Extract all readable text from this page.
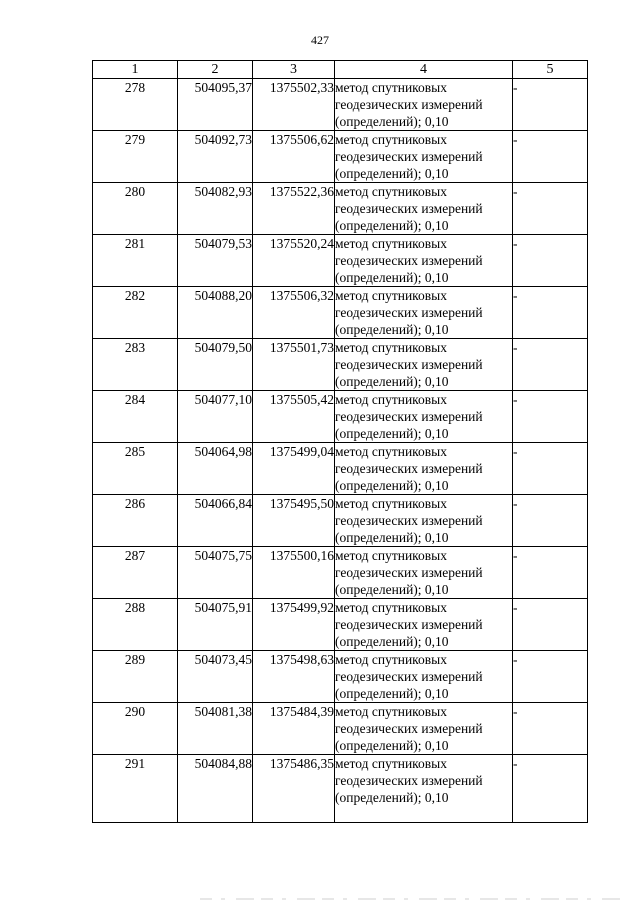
427
1	2	3	4	5
278	504095,37	1375502,33	метод спутниковых
геодезических измерений
(определений); 0,10	-
279	504092,73	1375506,62	метод спутниковых
геодезических измерений
(определений); 0,10	-
280	504082,93	1375522,36	метод спутниковых
геодезических измерений
(определений); 0,10	-
281	504079,53	1375520,24	метод спутниковых
геодезических измерений
(определений); 0,10	-
282	504088,20	1375506,32	метод спутниковых
геодезических измерений
(определений); 0,10	-
283	504079,50	1375501,73	метод спутниковых
геодезических измерений
(определений); 0,10	-
284	504077,10	1375505,42	метод спутниковых
геодезических измерений
(определений); 0,10	-
285	504064,98	1375499,04	метод спутниковых
геодезических измерений
(определений); 0,10	-
286	504066,84	1375495,50	метод спутниковых
геодезических измерений
(определений); 0,10	-
287	504075,75	1375500,16	метод спутниковых
геодезических измерений
(определений); 0,10	-
288	504075,91	1375499,92	метод спутниковых
геодезических измерений
(определений); 0,10	-
289	504073,45	1375498,63	метод спутниковых
геодезических измерений
(определений); 0,10	-
290	504081,38	1375484,39	метод спутниковых
геодезических измерений
(определений); 0,10	-
291	504084,88	1375486,35	метод спутниковых
геодезических измерений
(определений); 0,10	-
